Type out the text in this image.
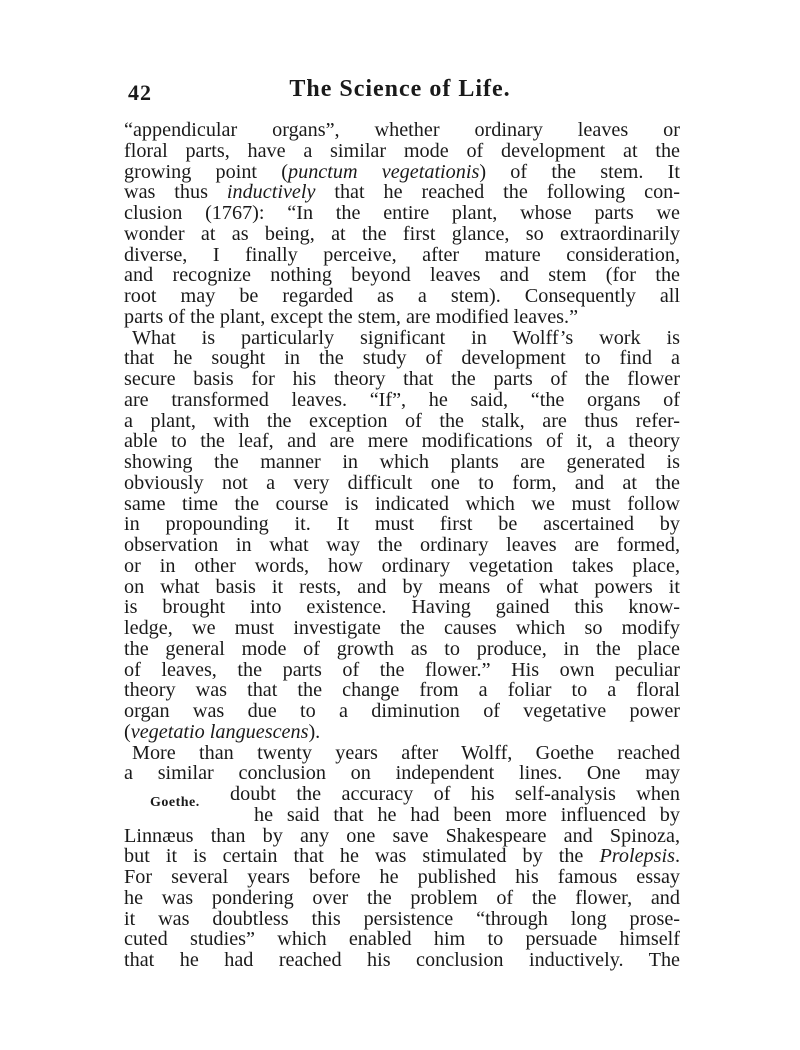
42	The Science of Life.
Goethe.
“appendicular organs”, whether ordinary leaves or
floral parts, have a similar mode of development at the
growing point (punctum vegetationis) of the stem. It
was thus inductively that he reached the following con-
clusion (1767): “In the entire plant, whose parts we
wonder at as being, at the first glance, so extraordinarily
diverse, I finally perceive, after mature consideration,
and recognize nothing beyond leaves and stem (for the
root may be regarded as a stem). Consequently all
parts of the plant, except the stem, are modified leaves.”
What is particularly significant in Wolff’s work is
that he sought in the study of development to find a
secure basis for his theory that the parts of the flower
are transformed leaves. “If”, he said, “the organs of
a plant, with the exception of the stalk, are thus refer-
able to the leaf, and are mere modifications of it, a theory
showing the manner in which plants are generated is
obviously not a very difficult one to form, and at the
same time the course is indicated which we must follow
in propounding it. It must first be ascertained by
observation in what way the ordinary leaves are formed,
or in other words, how ordinary vegetation takes place,
on what basis it rests, and by means of what powers it
is brought into existence. Having gained this know-
ledge, we must investigate the causes which so modify
the general mode of growth as to produce, in the place
of leaves, the parts of the flower.” His own peculiar
theory was that the change from a foliar to a floral
organ was due to a diminution of vegetative power
(vegetatio languescens).
More than twenty years after Wolff, Goethe reached
a similar conclusion on independent lines. One may
doubt the accuracy of his self-analysis when
he said that he had been more influenced by
Linnæus than by any one save Shakespeare and Spinoza,
but it is certain that he was stimulated by the Prolepsis.
For several years before he published his famous essay
he was pondering over the problem of the flower, and
it was doubtless this persistence “through long prose-
cuted studies” which enabled him to persuade himself
that he had reached his conclusion inductively. The
